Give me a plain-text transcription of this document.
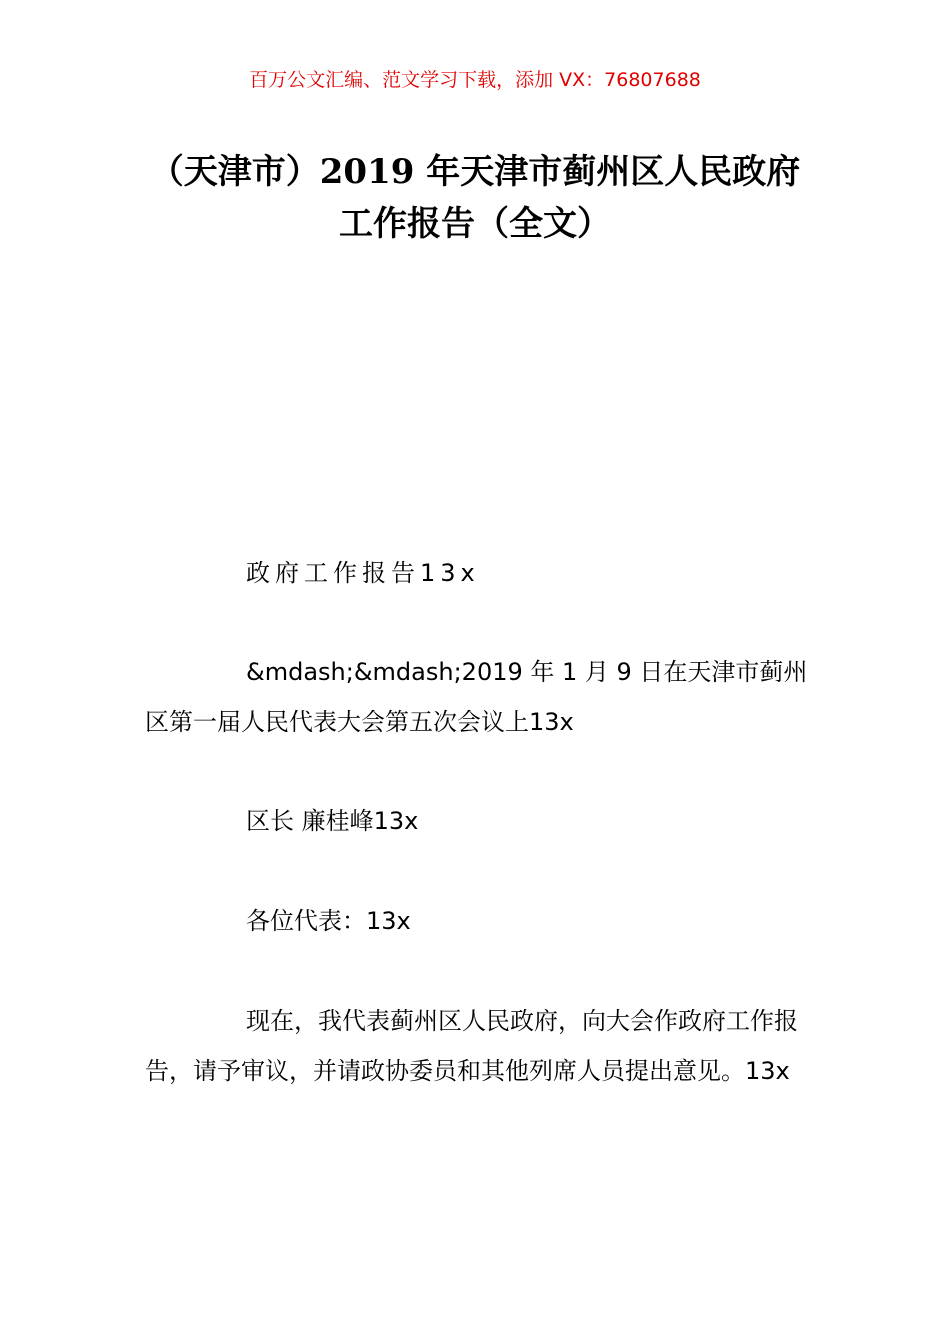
百万公文汇编、范文学习下载，添加 VX：76807688
（天津市）2019 年天津市蓟州区人民政府
工作报告（全文）

政府工作报告13x

&mdash;&mdash;2019 年 1 月 9 日在天津市蓟州区第一届人民代表大会第五次会议上13x

区长 廉桂峰13x

各位代表：13x

现在，我代表蓟州区人民政府，向大会作政府工作报告，请予审议，并请政协委员和其他列席人员提出意见。13x
